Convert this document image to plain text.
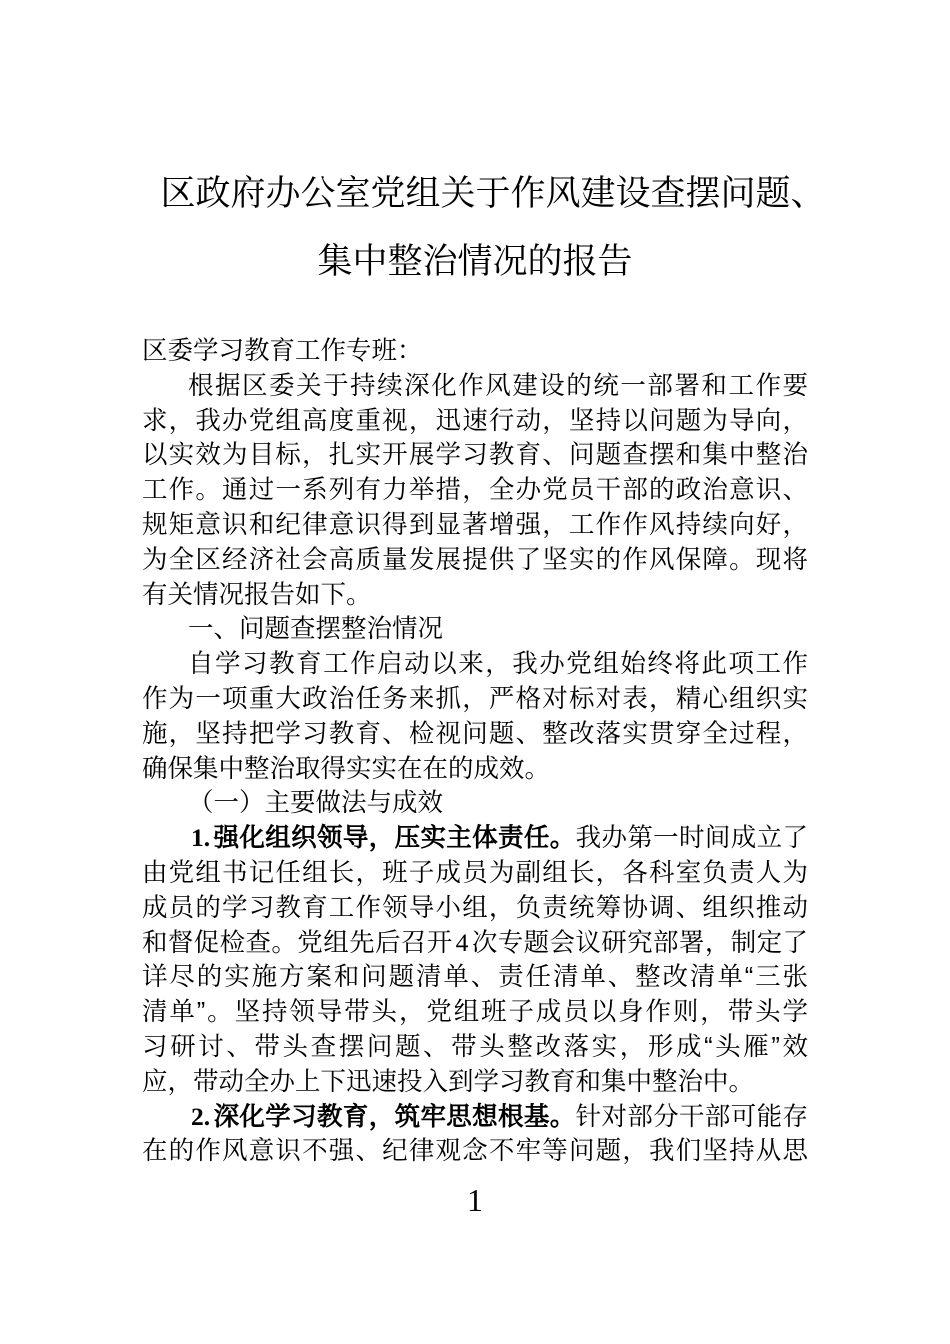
区政府办公室党组关于作风建设查摆问题、
集中整治情况的报告
区委学习教育工作专班：
根据区委关于持续深化作风建设的统一部署和工作要
求，我办党组高度重视，迅速行动，坚持以问题为导向，
以实效为目标，扎实开展学习教育、问题查摆和集中整治
工作。通过一系列有力举措，全办党员干部的政治意识、
规矩意识和纪律意识得到显著增强，工作作风持续向好，
为全区经济社会高质量发展提供了坚实的作风保障。现将
有关情况报告如下。
一、问题查摆整治情况
自学习教育工作启动以来，我办党组始终将此项工作
作为一项重大政治任务来抓，严格对标对表，精心组织实
施，坚持把学习教育、检视问题、整改落实贯穿全过程，
确保集中整治取得实实在在的成效。
（一）主要做法与成效
1. 强化组织领导，压实主体责任。我办第一时间成立了
由党组书记任组长，班子成员为副组长，各科室负责人为
成员的学习教育工作领导小组，负责统筹协调、组织推动
和督促检查。党组先后召开 4 次专题会议研究部署，制定了
详尽的实施方案和问题清单、责任清单、整改清单“三张
清单”。坚持领导带头，党组班子成员以身作则，带头学
习研讨、带头查摆问题、带头整改落实，形成“头雁”效
应，带动全办上下迅速投入到学习教育和集中整治中。
2. 深化学习教育，筑牢思想根基。针对部分干部可能存
在的作风意识不强、纪律观念不牢等问题，我们坚持从思
1
